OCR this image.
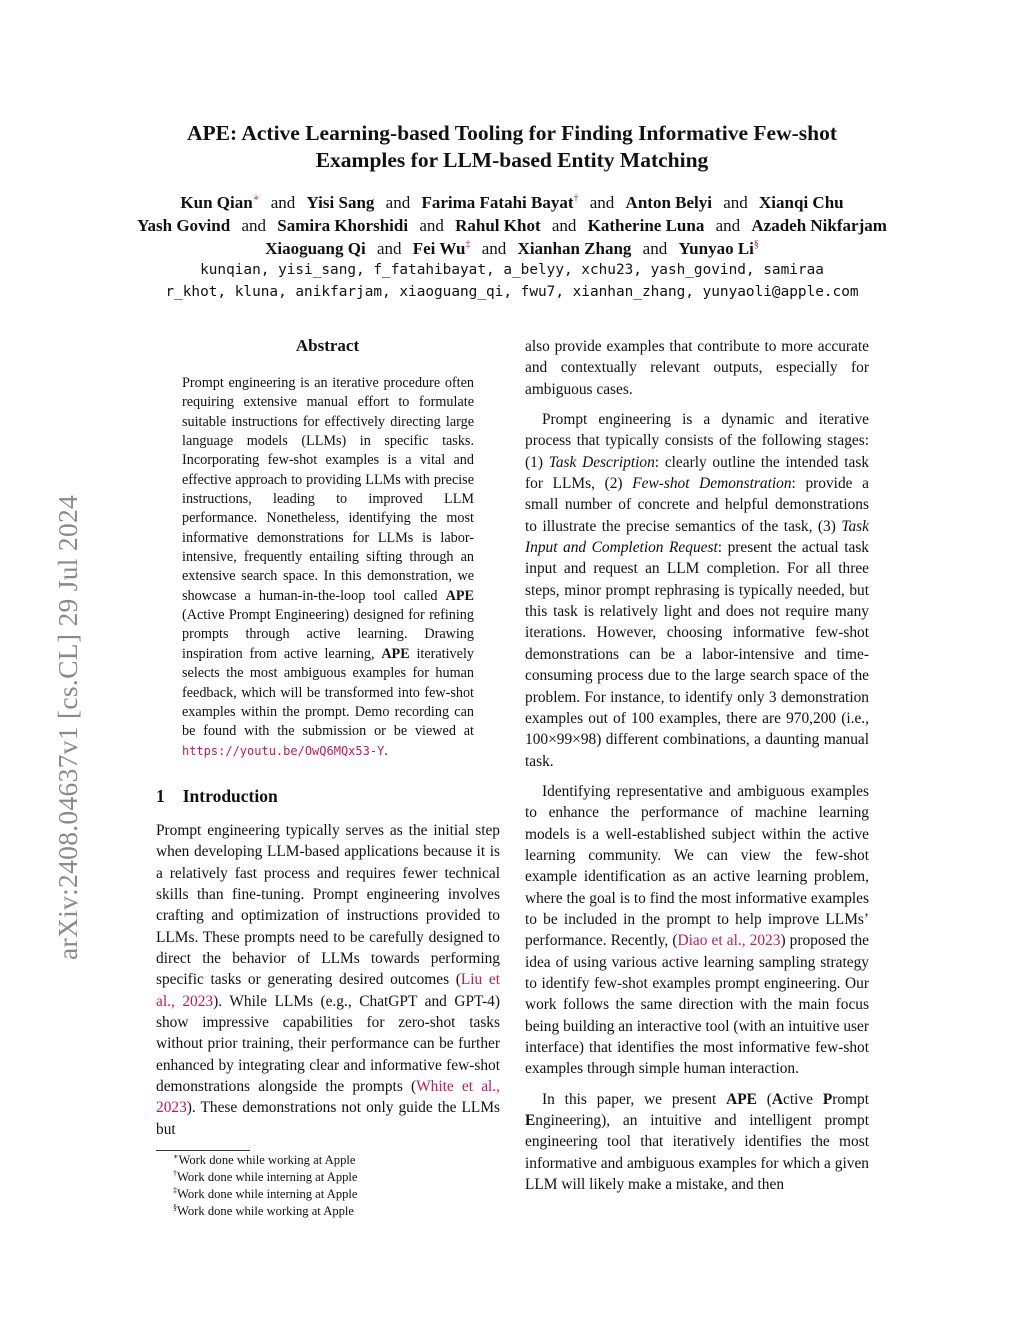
arXiv:2408.04637v1 [cs.CL] 29 Jul 2024
APE: Active Learning-based Tooling for Finding Informative Few-shot
Examples for LLM-based Entity Matching
Kun Qian∗ and Yisi Sang and Farima Fatahi Bayat† and Anton Belyi and Xianqi Chu
Yash Govind and Samira Khorshidi and Rahul Khot and Katherine Luna and Azadeh Nikfarjam
Xiaoguang Qi and Fei Wu‡ and Xianhan Zhang and Yunyao Li§
kunqian, yisi_sang, f_fatahibayat, a_belyy, xchu23, yash_govind, samiraa
r_khot, kluna, anikfarjam, xiaoguang_qi, fwu7, xianhan_zhang, yunyaoli@apple.com
Abstract
Prompt engineering is an iterative procedure often requiring extensive manual effort to formulate suitable instructions for effectively directing large language models (LLMs) in specific tasks. Incorporating few-shot examples is a vital and effective approach to providing LLMs with precise instructions, leading to improved LLM performance. Nonetheless, identifying the most informative demonstrations for LLMs is labor-intensive, frequently entailing sifting through an extensive search space. In this demonstration, we showcase a human-in-the-loop tool called APE (Active Prompt Engineering) designed for refining prompts through active learning. Drawing inspiration from active learning, APE iteratively selects the most ambiguous examples for human feedback, which will be transformed into few-shot examples within the prompt. Demo recording can be found with the submission or be viewed at https://youtu.be/OwQ6MQx53-Y.
1 Introduction

Prompt engineering typically serves as the initial step when developing LLM-based applications because it is a relatively fast process and requires fewer technical skills than fine-tuning. Prompt engineering involves crafting and optimization of instructions provided to LLMs. These prompts need to be carefully designed to direct the behavior of LLMs towards performing specific tasks or generating desired outcomes (Liu et al., 2023). While LLMs (e.g., ChatGPT and GPT-4) show impressive capabilities for zero-shot tasks without prior training, their performance can be further enhanced by integrating clear and informative few-shot demonstrations alongside the prompts (White et al., 2023). These demonstrations not only guide the LLMs but

also provide examples that contribute to more accurate and contextually relevant outputs, especially for ambiguous cases.

Prompt engineering is a dynamic and iterative process that typically consists of the following stages: (1) Task Description: clearly outline the intended task for LLMs, (2) Few-shot Demonstration: provide a small number of concrete and helpful demonstrations to illustrate the precise semantics of the task, (3) Task Input and Completion Request: present the actual task input and request an LLM completion. For all three steps, minor prompt rephrasing is typically needed, but this task is relatively light and does not require many iterations. However, choosing informative few-shot demonstrations can be a labor-intensive and time-consuming process due to the large search space of the problem. For instance, to identify only 3 demonstration examples out of 100 examples, there are 970,200 (i.e., 100×99×98) different combinations, a daunting manual task.

Identifying representative and ambiguous examples to enhance the performance of machine learning models is a well-established subject within the active learning community. We can view the few-shot example identification as an active learning problem, where the goal is to find the most informative examples to be included in the prompt to help improve LLMs’ performance. Recently, (Diao et al., 2023) proposed the idea of using various active learning sampling strategy to identify few-shot examples prompt engineering. Our work follows the same direction with the main focus being building an interactive tool (with an intuitive user interface) that identifies the most informative few-shot examples through simple human interaction.

In this paper, we present APE (Active Prompt Engineering), an intuitive and intelligent prompt engineering tool that iteratively identifies the most informative and ambiguous examples for which a given LLM will likely make a mistake, and then

∗Work done while working at Apple
†Work done while interning at Apple
‡Work done while interning at Apple
§Work done while working at Apple
